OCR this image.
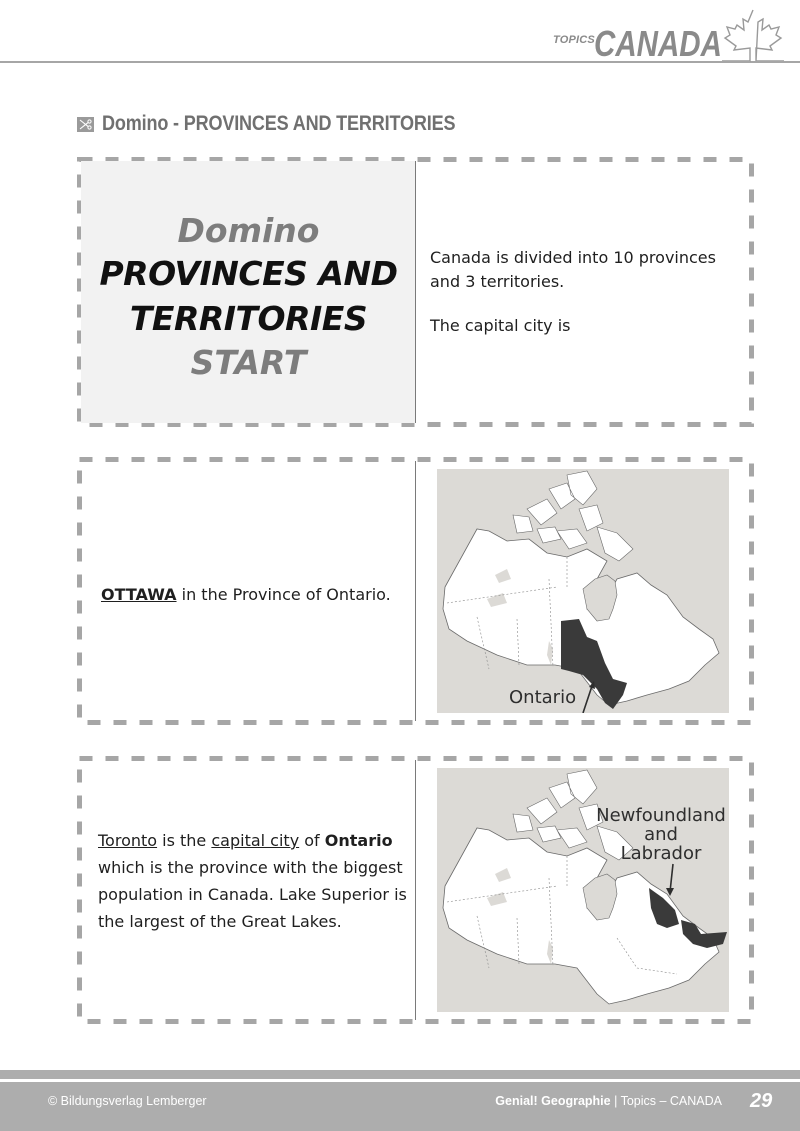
TOPICS CANADA
Domino - PROVINCES AND TERRITORIES
Domino
PROVINCES AND
TERRITORIES
START
Canada is divided into 10 provinces and 3 territories.
The capital city is
OTTAWA in the Province of Ontario.
Ontario
Toronto is the capital city of Ontario which is the province with the biggest population in Canada. Lake Superior is the largest of the Great Lakes.
Newfoundland
and
Labrador
© Bildungsverlag Lemberger	Genial! Geographie | Topics – CANADA 29
